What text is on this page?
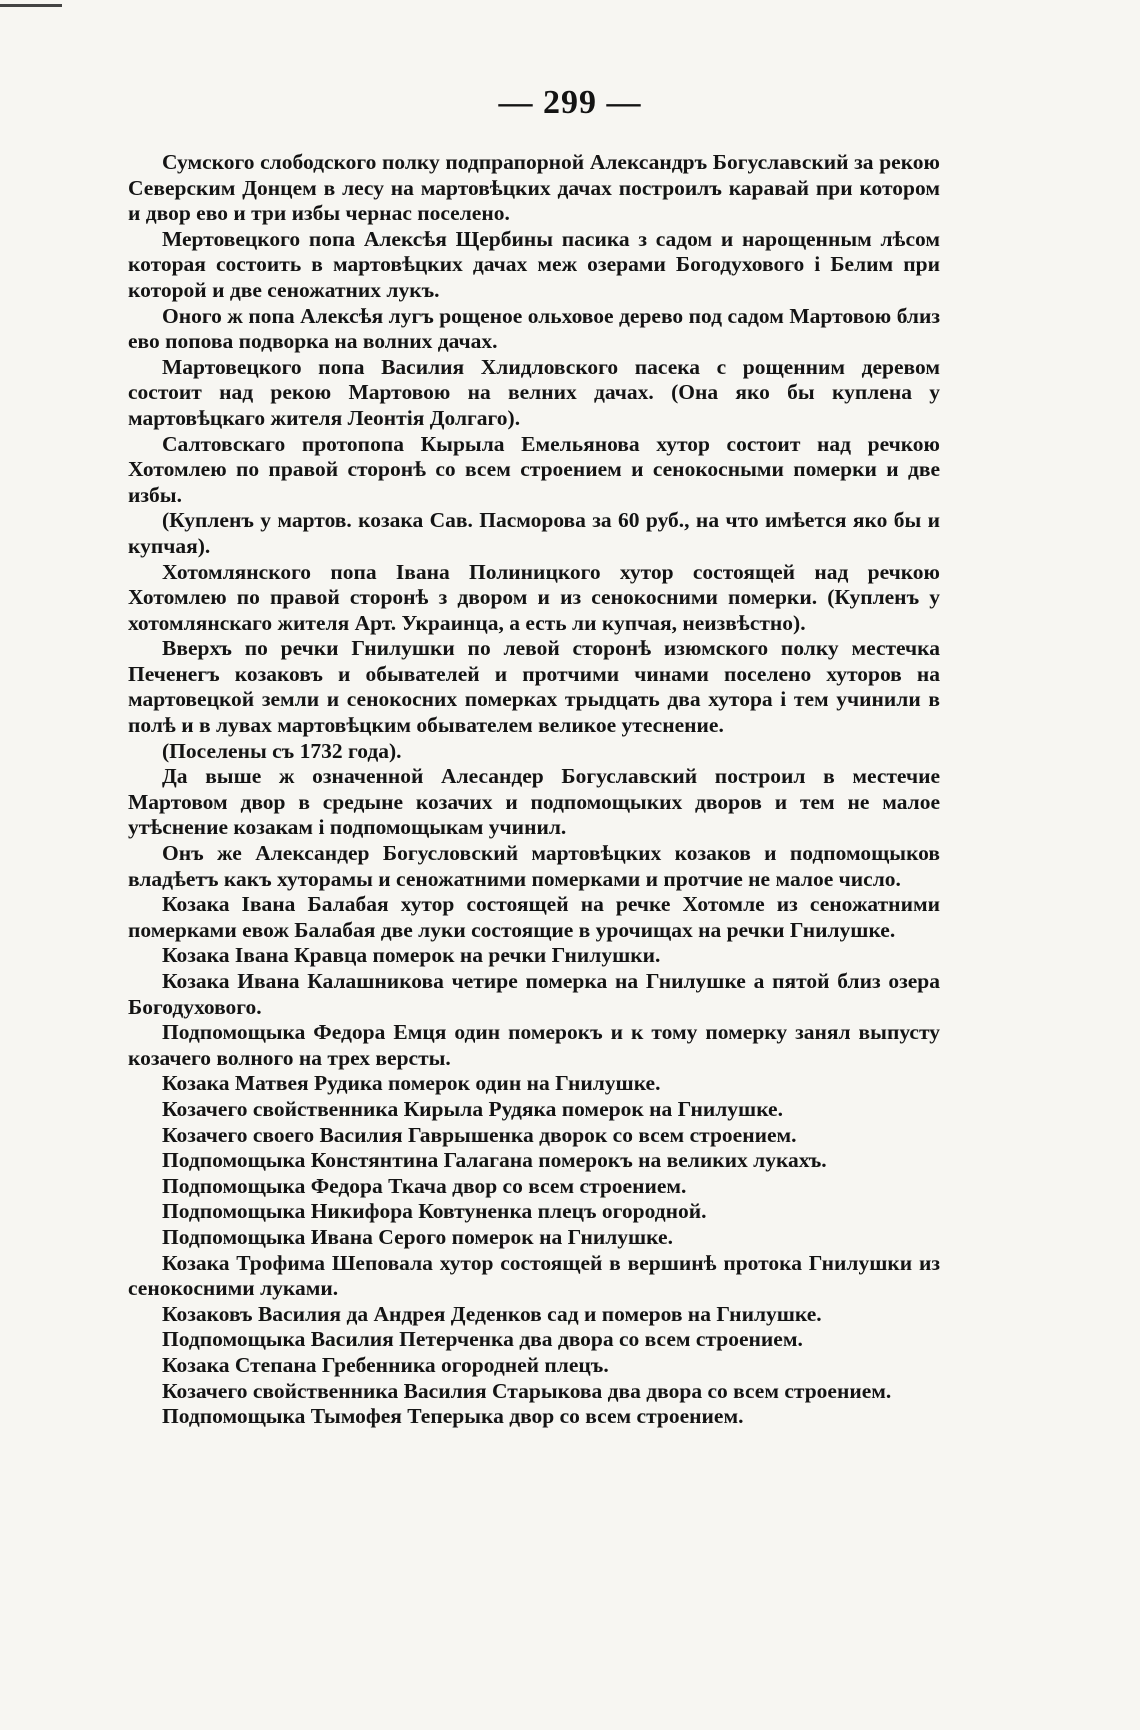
— 299 —

Сумского слободского полку подпрапорной Александръ Богуславский за рекою Северским Донцем в лесу на мартовѣцких дачах построилъ каравай при котором и двор ево и три избы чернас поселено.

Мертовецкого попа Алексѣя Щербины пасика з садом и нарощенным лѣсом которая состоить в мартовѣцких дачах меж озерами Богодухового і Белим при которой и две сеножатних лукъ.

Оного ж попа Алексѣя лугъ рощеное ольховое дерево под садом Мартовою близ ево попова подворка на волних дачах.

Мартовецкого попа Василия Хлидловского пасека с рощенним деревом состоит над рекою Мартовою на велних дачах. (Она яко бы куплена у мартовѣцкаго жителя Леонтія Долгаго).

Салтовскаго протопопа Кырыла Емельянова хутор состоит над речкою Хотомлею по правой сторонѣ со всем строением и сенокосными померки и две избы.

(Купленъ у мартов. козака Сав. Пасморова за 60 руб., на что имѣется яко бы и купчая).

Хотомлянского попа Івана Полиницкого хутор состоящей над речкою Хотомлею по правой сторонѣ з двором и из сенокосними померки. (Купленъ у хотомлянскаго жителя Арт. Украинца, а есть ли купчая, неизвѣстно).

Вверхъ по речки Гнилушки по левой сторонѣ изюмского полку местечка Печенегъ козаковъ и обывателей и протчими чинами поселено хуторов на мартовецкой земли и сенокосних померках трыдцать два хутора і тем учинили в полѣ и в лувах мартовѣцким обывателем великое утеснение.

(Поселены съ 1732 года).

Да выше ж означенной Алесандер Богуславский построил в местечие Мартовом двор в средыне козачих и подпомощыких дворов и тем не малое утѣснение козакам і подпомощыкам учинил.

Онъ же Александер Богусловский мартовѣцких козаков и подпомощыков владѣетъ какъ хуторамы и сеножатними померками и протчие не малое число.

Козака Івана Балабая хутор состоящей на речке Хотомле из сеножатними померками евож Балабая две луки состоящие в урочищах на речки Гнилушке.

Козака Івана Кравца померок на речки Гнилушки.

Козака Ивана Калашникова четире померка на Гнилушке а пятой близ озера Богодухового.

Подпомощыка Федора Емця один померокъ и к тому померку занял выпусту козачего волного на трех версты.

Козака Матвея Рудика померок один на Гнилушке.

Козачего свойственника Кирыла Рудяка померок на Гнилушке.

Козачего своего Василия Гаврышенка дворок со всем строением.

Подпомощыка Констянтина Галагана померокъ на великих лукахъ.

Подпомощыка Федора Ткача двор со всем строением.

Подпомощыка Никифора Ковтуненка плецъ огородной.

Подпомощыка Ивана Серого померок на Гнилушке.

Козака Трофима Шеповала хутор состоящей в вершинѣ протока Гнилушки из сенокосними луками.

Козаковъ Василия да Андрея Деденков сад и померов на Гнилушке.

Подпомощыка Василия Петерченка два двора со всем строением.

Козака Степана Гребенника огородней плецъ.

Козачего свойственника Василия Старыкова два двора со всем строением.

Подпомощыка Тымофея Теперыка двор со всем строением.
